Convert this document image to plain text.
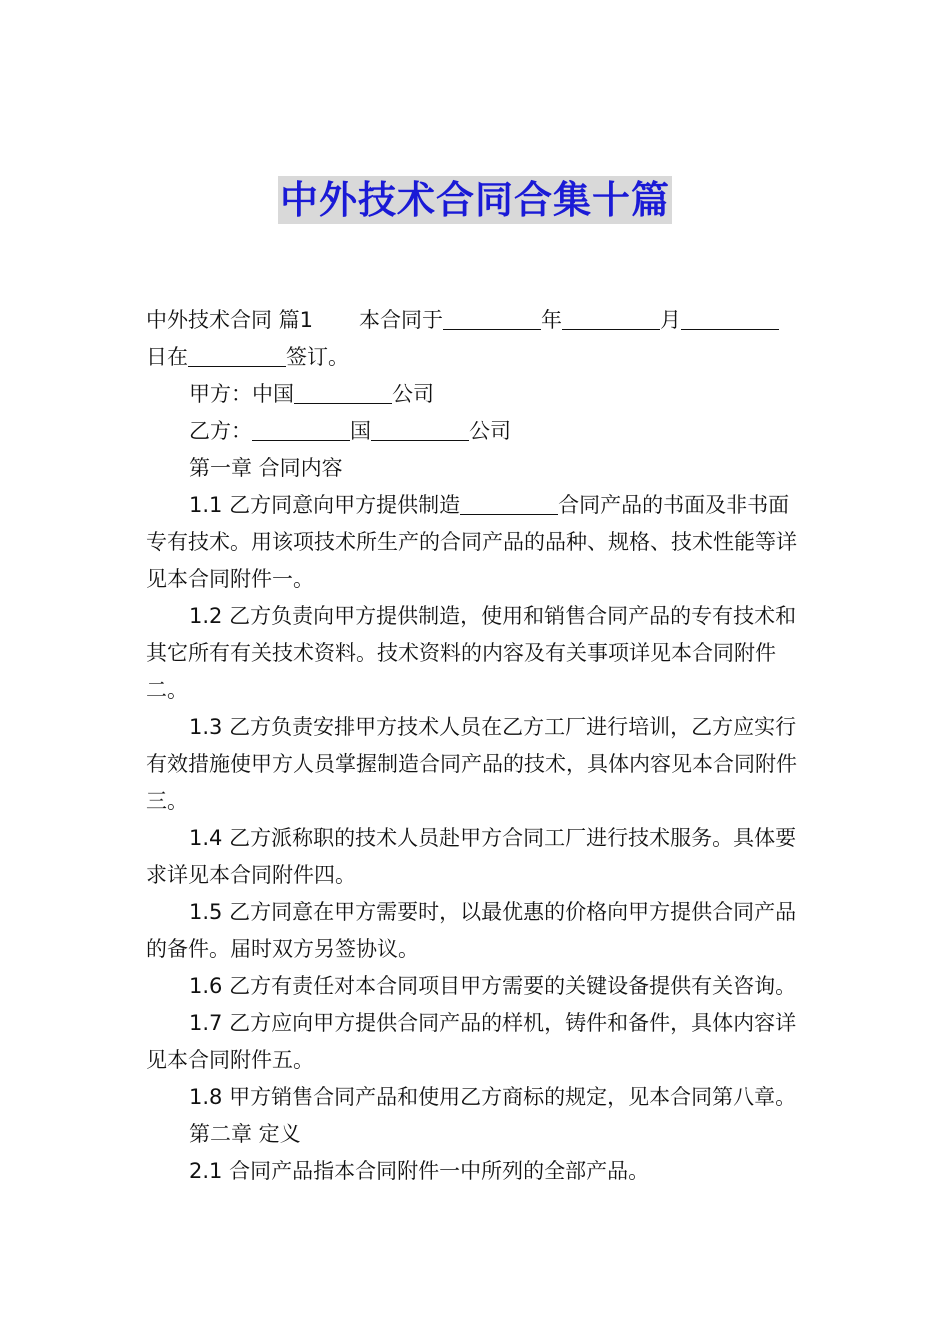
中外技术合同合集十篇

中外技术合同 篇1 本合同于	年	月
日在	签订。

甲方：中国	公司

乙方：	国	公司

第一章 合同内容

1.1 乙方同意向甲方提供制造	合同产品的书面及非书面专有技术。用该项技术所生产的合同产品的品种、规格、技术性能等详见本合同附件一。

1.2 乙方负责向甲方提供制造，使用和销售合同产品的专有技术和其它所有有关技术资料。技术资料的内容及有关事项详见本合同附件二。

1.3 乙方负责安排甲方技术人员在乙方工厂进行培训，乙方应实行有效措施使甲方人员掌握制造合同产品的技术，具体内容见本合同附件三。

1.4 乙方派称职的技术人员赴甲方合同工厂进行技术服务。具体要求详见本合同附件四。

1.5 乙方同意在甲方需要时，以最优惠的价格向甲方提供合同产品的备件。届时双方另签协议。

1.6 乙方有责任对本合同项目甲方需要的关键设备提供有关咨询。

1.7 乙方应向甲方提供合同产品的样机，铸件和备件，具体内容详见本合同附件五。

1.8 甲方销售合同产品和使用乙方商标的规定，见本合同第八章。

第二章 定义

2.1 合同产品指本合同附件一中所列的全部产品。
